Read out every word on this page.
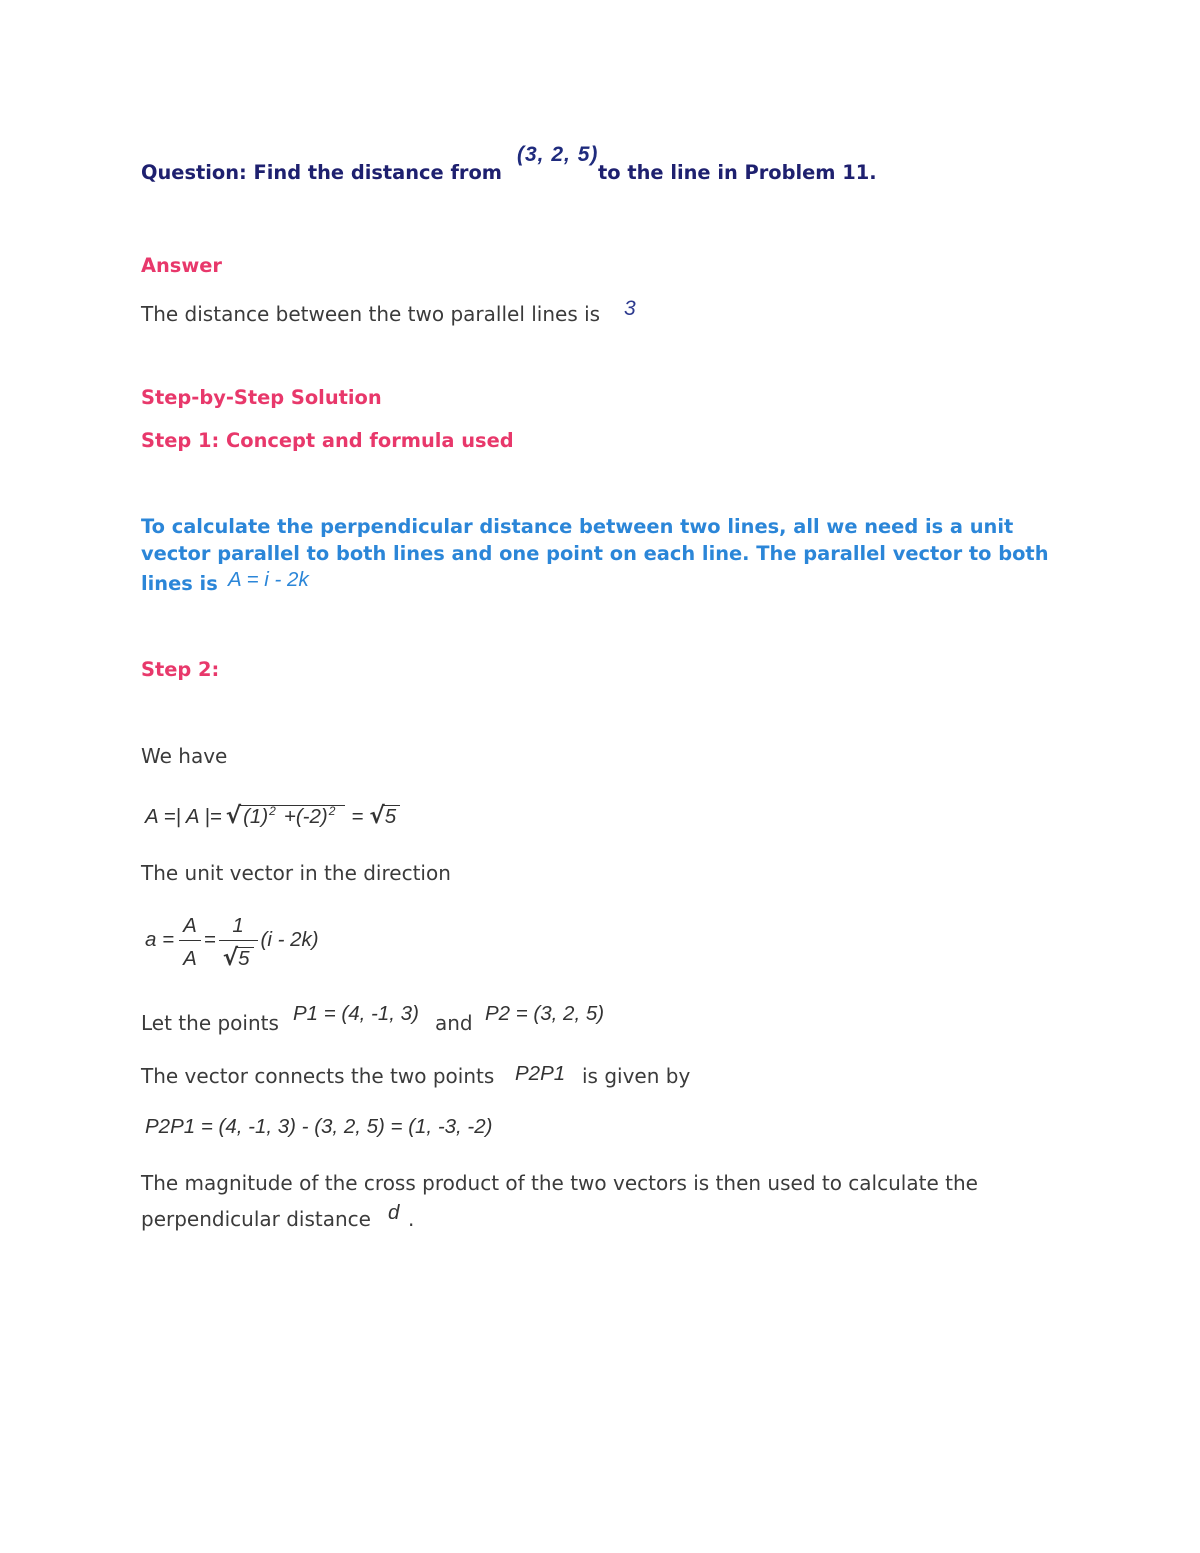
Question: Find the distance from
(3, 2, 5)
to the line in Problem 11.
Answer
The distance between the two parallel lines is 3
Step-by-Step Solution
Step 1: Concept and formula used
To calculate the perpendicular distance between two lines, all we need is a unit
vector parallel to both lines and one point on each line. The parallel vector to both
lines is A = i - 2k
Step 2:
We have
A =| A |= $√(1)^2 +(-2)^2 = √5$
The unit vector in the direction
$a = \frac{A}{A} = \frac{1}{√5} (i - 2k)$
Let the points P1 = (4, -1, 3) and P2 = (3, 2, 5)
The vector connects the two points P2P1 is given by
P2P1 = (4, -1, 3) - (3, 2, 5) = (1, -3, -2)
The magnitude of the cross product of the two vectors is then used to calculate the
perpendicular distance d .
